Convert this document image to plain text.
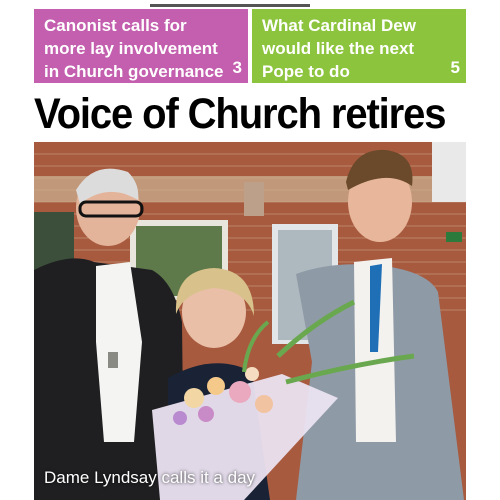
Canonist calls for more lay involvement in Church governance 3
What Cardinal Dew would like the next Pope to do	5
Voice of Church retires
Dame Lyndsay calls it a day
